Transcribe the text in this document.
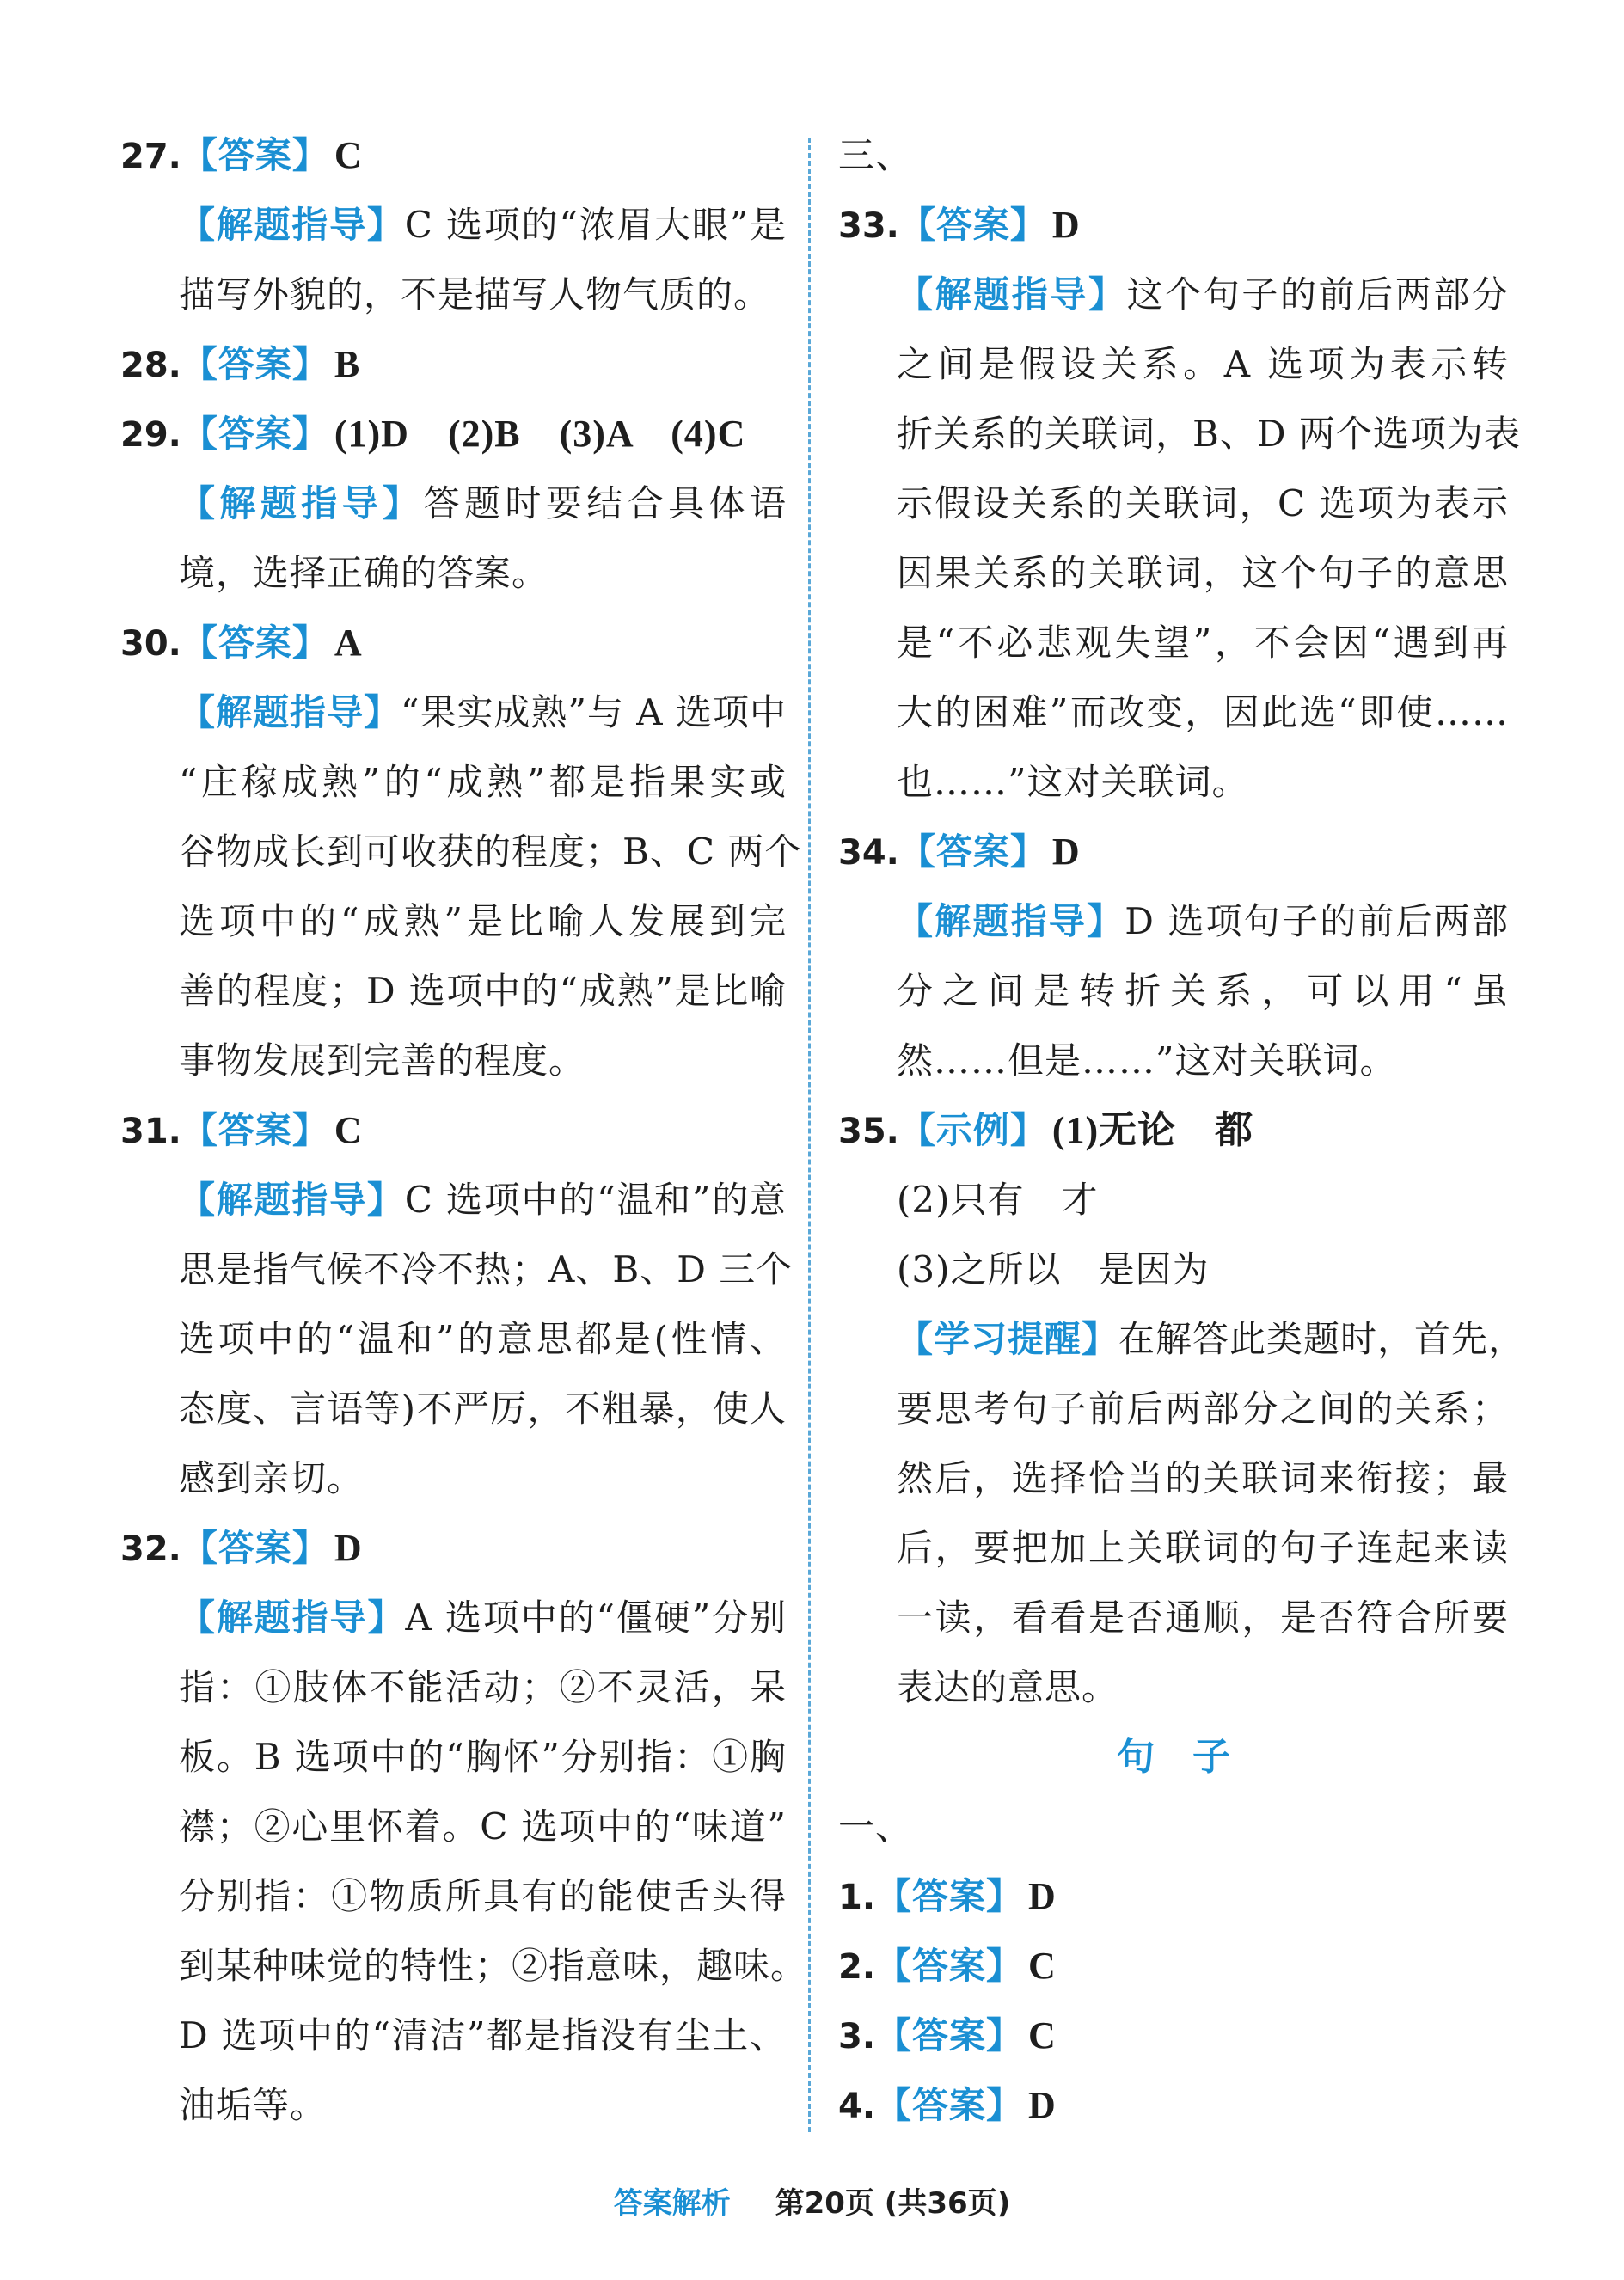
27.【答案】 C
【解题指导】C 选项的“浓眉大眼”是
描写外貌的，不是描写人物气质的。
28.【答案】 B
29.【答案】 (1)D　(2)B　(3)A　(4)C
【解题指导】答题时要结合具体语
境，选择正确的答案。
30.【答案】 A
【解题指导】“果实成熟”与 A 选项中
“庄稼成熟”的“成熟”都是指果实或
谷物成长到可收获的程度；B、C 两个
选项中的“成熟”是比喻人发展到完
善的程度；D 选项中的“成熟”是比喻
事物发展到完善的程度。
31.【答案】 C
【解题指导】C 选项中的“温和”的意
思是指气候不冷不热；A、B、D 三个
选项中的“温和”的意思都是(性情、
态度、言语等)不严厉，不粗暴，使人
感到亲切。
32.【答案】 D
【解题指导】A 选项中的“僵硬”分别
指：①肢体不能活动；②不灵活，呆
板。B 选项中的“胸怀”分别指：①胸
襟；②心里怀着。C 选项中的“味道”
分别指：①物质所具有的能使舌头得
到某种味觉的特性；②指意味，趣味。
D 选项中的“清洁”都是指没有尘土、
油垢等。
三、
33.【答案】 D
【解题指导】这个句子的前后两部分
之间是假设关系。A 选项为表示转
折关系的关联词，B、D 两个选项为表
示假设关系的关联词，C 选项为表示
因果关系的关联词，这个句子的意思
是“不必悲观失望”，不会因“遇到再
大的困难”而改变，因此选“即使……
也……”这对关联词。
34.【答案】 D
【解题指导】D 选项句子的前后两部
分之间是转折关系，可以用“虽
然……但是……”这对关联词。
35.【示例】 (1)无论　都
(2)只有　才
(3)之所以　是因为
【学习提醒】在解答此类题时，首先，
要思考句子前后两部分之间的关系；
然后，选择恰当的关联词来衔接；最
后，要把加上关联词的句子连起来读
一读，看看是否通顺，是否符合所要
表达的意思。
句子
一、
1.【答案】 D
2.【答案】 C
3.【答案】 C
4.【答案】 D
答案解析 第20页 (共36页)
